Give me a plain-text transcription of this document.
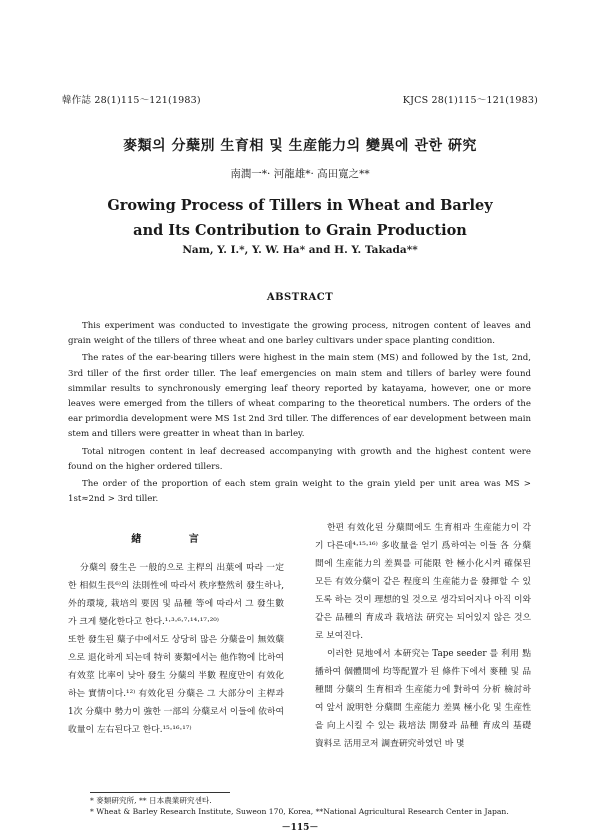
韓作誌 28(1)115～121(1983)	KJCS 28(1)115～121(1983)
麥類의 分蘖別 生育相 및 生産能力의 變異에 관한 硏究
南潤一*· 河龍雄*· 高田寛之**
Growing Process of Tillers in Wheat and Barley
and Its Contribution to Grain Production
Nam, Y. I.*, Y. W. Ha* and H. Y. Takada**
ABSTRACT

This experiment was conducted to investigate the growing process, nitrogen content of leaves and grain weight of the tillers of three wheat and one barley cultivars under space planting condition.

The rates of the ear-bearing tillers were highest in the main stem (MS) and followed by the 1st, 2nd, 3rd tiller of the first order tiller. The leaf emergencies on main stem and tillers of barley were found simmilar results to synchronously emerging leaf theory reported by katayama, however, one or more leaves were emerged from the tillers of wheat comparing to the theoretical numbers. The orders of the ear primordia development were MS 1st 2nd 3rd tiller. The differences of ear development between main stem and tillers were greatter in wheat than in barley.

Total nitrogen content in leaf decreased accompanying with growth and the highest content were found on the higher ordered tillers.

The order of the proportion of each stem grain weight to the grain yield per unit area was MS > 1st≈2nd > 3rd tiller.

緖 言

分蘖의 發生은 一般的으로 主桿의 出葉에 따라 一定한 相似生長⁶⁾의 法則性에 따라서 秩序整然히 發生하나, 外的環境, 栽培의 要因 및 品種 等에 따라서 그 發生數가 크게 變化한다고 한다.¹·³·⁶·⁷·¹⁴·¹⁷·²⁰⁾

또한 發生된 蘖子中에서도 상당히 많은 分蘖을이 無效蘖으로 退化하게 되는데 特히 麥類에서는 他作物에 比하여 有效莖 比率이 낮아 發生 分蘖의 半數 程度만이 有效化하는 實情이다.¹²⁾ 有效化된 分蘖은 그 大部分이 主桿과 1次 分蘖中 勢力이 強한 一部의 分蘖로서 이들에 依하여 收量이 左右된다고 한다.¹⁵·¹⁶·¹⁷⁾

한편 有效化된 分蘖間에도 生育相과 生産能力이 각기 다른데⁴·¹⁵·¹⁶⁾ 多收量을 얻기 爲하여는 이들 各 分蘖間에 生産能力의 差異를 可能限 한 極小化시켜 確保된 모든 有效分蘖이 같은 程度의 生産能力을 發揮할 수 있도록 하는 것이 理想的일 것으로 생각되어지나 아직 이와 같은 品種의 育成과 栽培法 硏究는 되어있지 않은 것으로 보여진다.

이러한 見地에서 本硏究는 Tape seeder 를 利用 點播하여 個體間에 均等配置가 된 條件下에서 麥種 및 品種間 分蘖의 生育相과 生産能力에 對하여 分析 檢討하여 앞서 說明한 分蘖間 生産能力 差異 極小化 및 生産性을 向上시킬 수 있는 栽培法 開發과 品種 育成의 基礎 資料로 活用코저 調査硏究하였던 바 몇

* 麥類硏究所, ** 日本農業硏究센타.
* Wheat & Barley Research Institute, Suweon 170, Korea, **National Agricultural Research Center in Japan.
－115－
